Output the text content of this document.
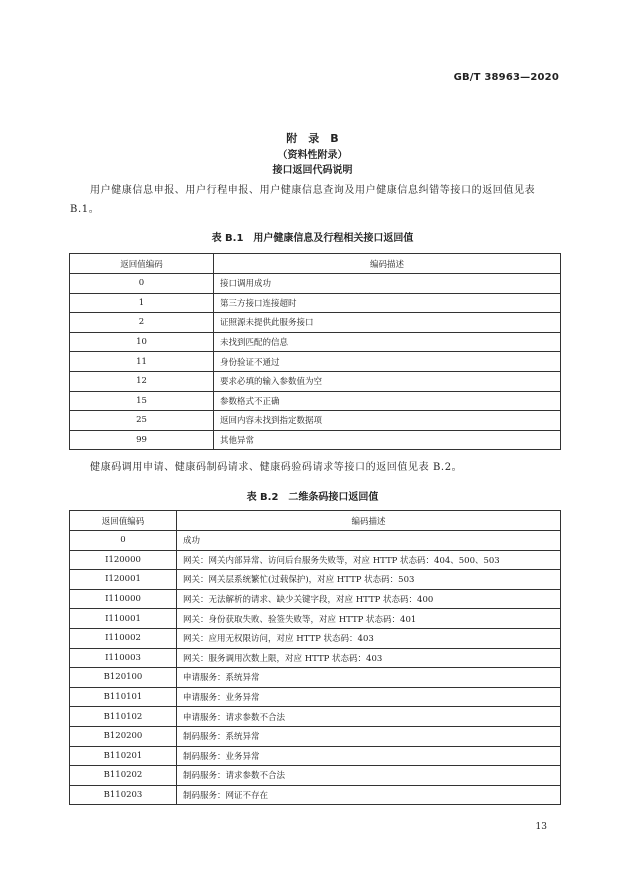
GB/T 38963—2020
附　录　B
（资料性附录）
接口返回代码说明
用户健康信息申报、用户行程申报、用户健康信息查询及用户健康信息纠错等接口的返回值见表 B.1。
表 B.1　用户健康信息及行程相关接口返回值
返回值编码	编码描述
0	接口调用成功
1	第三方接口连接超时
2	证照源未提供此服务接口
10	未找到匹配的信息
11	身份验证不通过
12	要求必填的输入参数值为空
15	参数格式不正确
25	返回内容未找到指定数据项
99	其他异常
健康码调用申请、健康码制码请求、健康码验码请求等接口的返回值见表 B.2。
表 B.2　二维条码接口返回值
返回值编码	编码描述
0	成功
I120000	网关：网关内部异常、访问后台服务失败等，对应 HTTP 状态码：404、500、503
I120001	网关：网关层系统繁忙(过载保护)，对应 HTTP 状态码：503
I110000	网关：无法解析的请求、缺少关键字段，对应 HTTP 状态码：400
I110001	网关：身份获取失败、验签失败等，对应 HTTP 状态码：401
I110002	网关：应用无权限访问，对应 HTTP 状态码：403
I110003	网关：服务调用次数上限，对应 HTTP 状态码：403
B120100	申请服务：系统异常
B110101	申请服务：业务异常
B110102	申请服务：请求参数不合法
B120200	制码服务：系统异常
B110201	制码服务：业务异常
B110202	制码服务：请求参数不合法
B110203	制码服务：网证不存在
13
